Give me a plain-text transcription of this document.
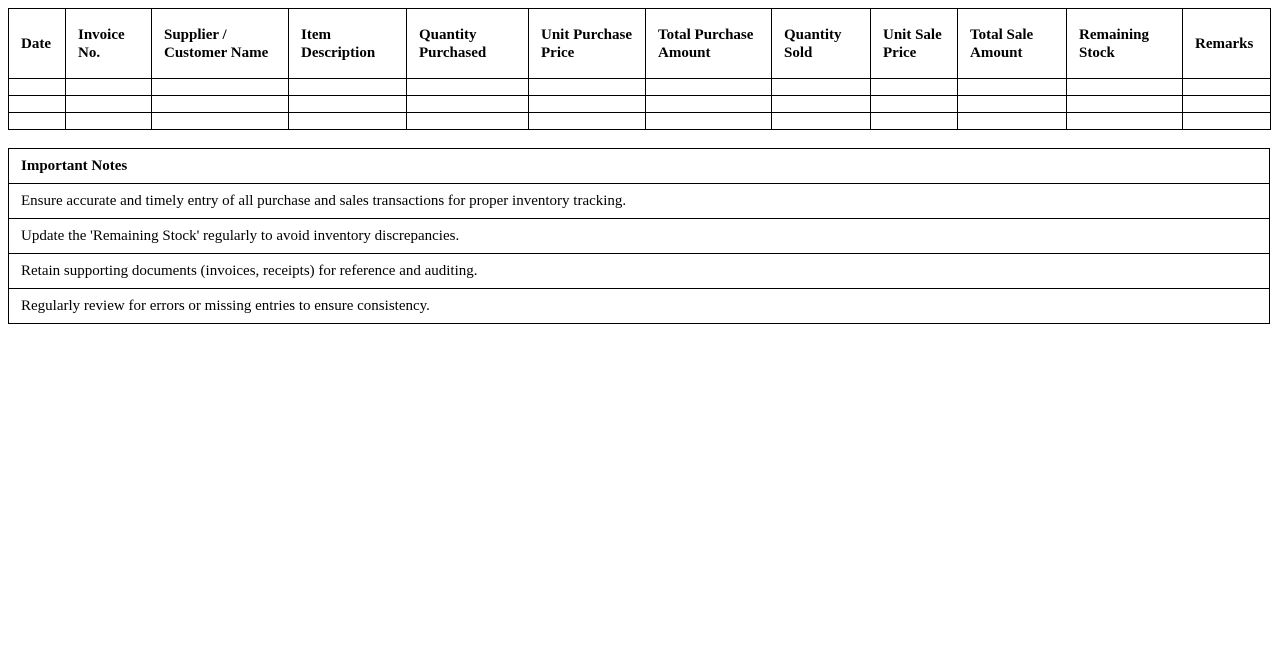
Date	Invoice No.	Supplier / Customer Name	Item Description	Quantity Purchased	Unit Purchase Price	Total Purchase Amount	Quantity Sold	Unit Sale Price	Total Sale Amount	Remaining Stock	Remarks

Important Notes
Ensure accurate and timely entry of all purchase and sales transactions for proper inventory tracking.
Update the 'Remaining Stock' regularly to avoid inventory discrepancies.
Retain supporting documents (invoices, receipts) for reference and auditing.
Regularly review for errors or missing entries to ensure consistency.
